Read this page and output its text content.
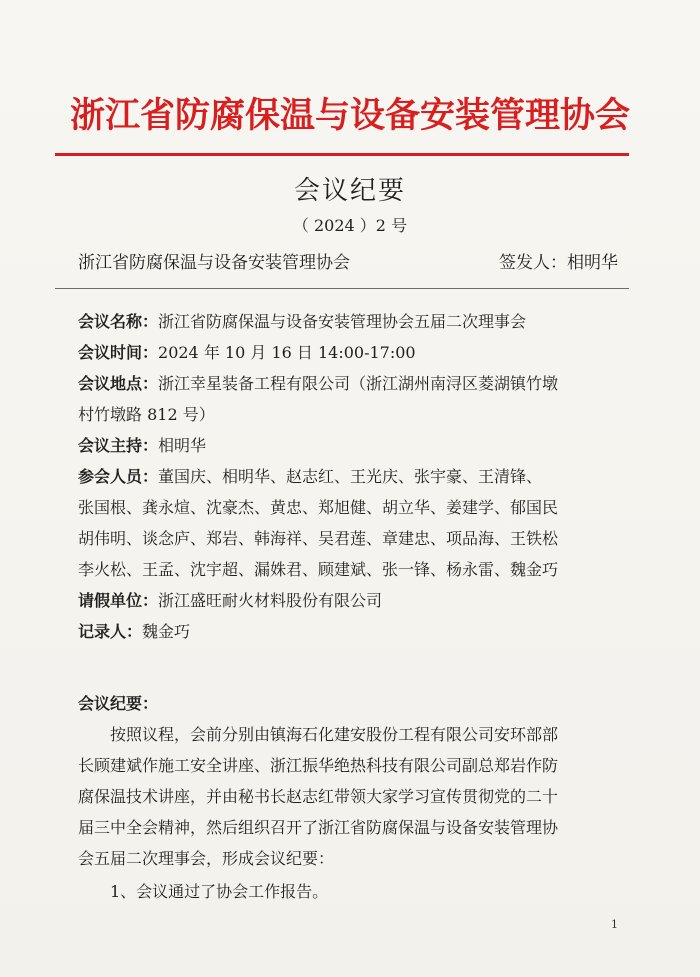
浙江省防腐保温与设备安装管理协会
会议纪要
（ 2024 ）2 号
浙江省防腐保温与设备安装管理协会	签发人： 相明华
会议名称：浙江省防腐保温与设备安装管理协会五届二次理事会
会议时间：2024 年 10 月 16 日 14:00-17:00
会议地点：浙江幸星装备工程有限公司（浙江湖州南浔区菱湖镇竹墩
村竹墩路 812 号）
会议主持：相明华
参会人员：董国庆、相明华、赵志红、王光庆、张宇豪、王清锋、
张国根、龚永煊、沈豪杰、黄忠、郑旭健、胡立华、姜建学、郁国民
胡伟明、谈念庐、郑岩、韩海祥、吴君莲、章建忠、项品海、王铁松
李火松、王孟、沈宇超、漏姝君、顾建斌、张一锋、杨永雷、魏金巧
请假单位：浙江盛旺耐火材料股份有限公司
记录人：魏金巧
会议纪要：
按照议程，会前分别由镇海石化建安股份工程有限公司安环部部
长顾建斌作施工安全讲座、浙江振华绝热科技有限公司副总郑岩作防
腐保温技术讲座，并由秘书长赵志红带领大家学习宣传贯彻党的二十
届三中全会精神，然后组织召开了浙江省防腐保温与设备安装管理协
会五届二次理事会，形成会议纪要：
1、会议通过了协会工作报告。
1
